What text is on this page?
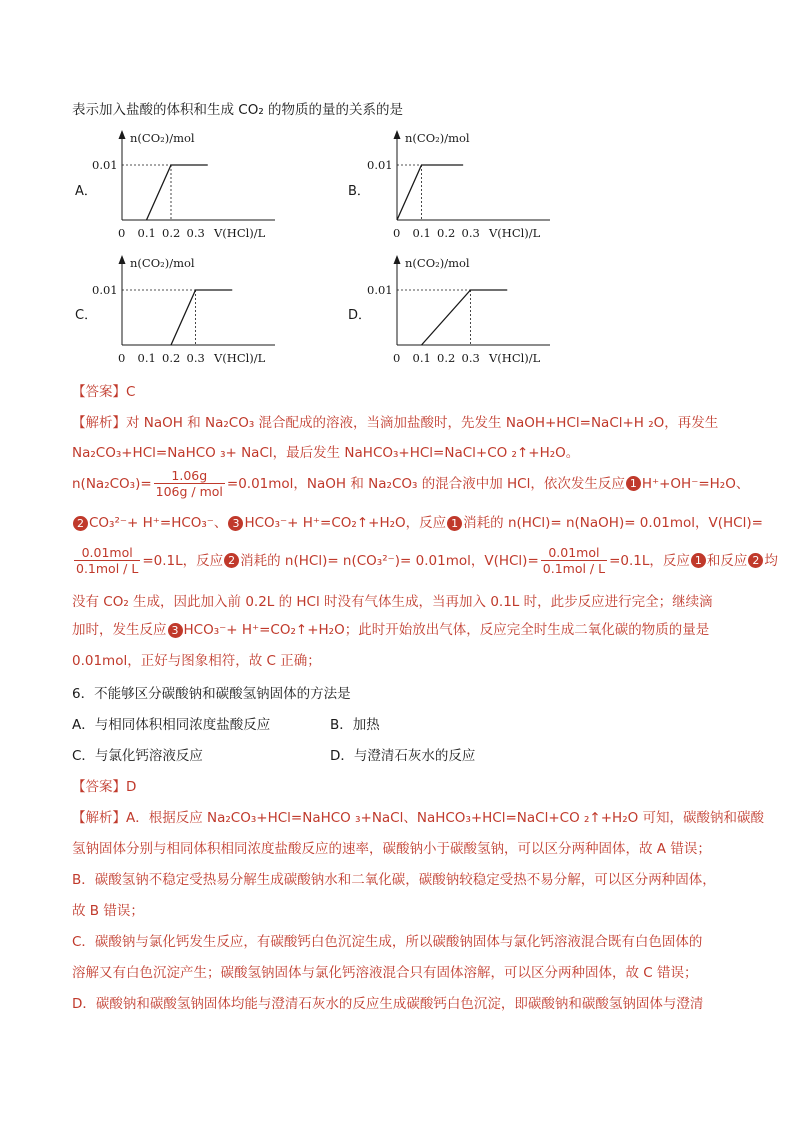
表示加入盐酸的体积和生成 CO₂ 的物质的量的关系的是
A．	B．
C．	D．
n(CO₂)/mol
0.01
0 0.1 0.2 0.3 V(HCl)/L
n(CO₂)/mol
0.01
0 0.1 0.2 0.3 V(HCl)/L
n(CO₂)/mol
0.01
0 0.1 0.2 0.3 V(HCl)/L
n(CO₂)/mol
0.01
0 0.1 0.2 0.3 V(HCl)/L
【答案】C
【解析】对 NaOH 和 Na₂CO₃ 混合配成的溶液，当滴加盐酸时，先发生 NaOH+HCl=NaCl+H ₂O，再发生
Na₂CO₃+HCl=NaHCO ₃+ NaCl，最后发生 NaHCO₃+HCl=NaCl+CO ₂↑+H₂O。
$n(Na_2CO_3)= \frac{1.06g}{\text{106g / mol}} =0.01mol$，NaOH 和 Na₂CO₃ 的混合液中加 HCl，依次发生反应 1 H⁺+OH⁻=H₂O、
2 CO₃²⁻+ H⁺=HCO₃⁻、 3 HCO₃⁻+ H⁺=CO₂↑+H₂O，反应 1 消耗的 n(HCl)= n(NaOH)= 0.01mol，V(HCl)=
$\frac{\text{0.01mol}}{\text{0.1mol / L}} =0.1L$，反应 2 消耗的 n(HCl)= n(CO₃²⁻)= 0.01mol，$V(HCl)= \frac{\text{0.01mol}}{\text{0.1mol / L}} =0.1L$，反应 1 和反应 2 均
没有 CO₂ 生成，因此加入前 0.2L 的 HCl 时没有气体生成，当再加入 0.1L 时，此步反应进行完全；继续滴
加时，发生反应 3 HCO₃⁻+ H⁺=CO₂↑+H₂O；此时开始放出气体，反应完全时生成二氧化碳的物质的量是
0.01mol，正好与图象相符，故 C 正确；
6．不能够区分碳酸钠和碳酸氢钠固体的方法是
A．与相同体积相同浓度盐酸反应	B．加热
C．与氯化钙溶液反应	D．与澄清石灰水的反应
【答案】D
【解析】A．根据反应 Na₂CO₃+HCl=NaHCO ₃+NaCl、NaHCO₃+HCl=NaCl+CO ₂↑+H₂O 可知，碳酸钠和碳酸
氢钠固体分别与相同体积相同浓度盐酸反应的速率，碳酸钠小于碳酸氢钠，可以区分两种固体，故 A 错误；
B．碳酸氢钠不稳定受热易分解生成碳酸钠水和二氧化碳，碳酸钠较稳定受热不易分解，可以区分两种固体，
故 B 错误；
C．碳酸钠与氯化钙发生反应，有碳酸钙白色沉淀生成，所以碳酸钠固体与氯化钙溶液混合既有白色固体的
溶解又有白色沉淀产生；碳酸氢钠固体与氯化钙溶液混合只有固体溶解，可以区分两种固体，故 C 错误；
D．碳酸钠和碳酸氢钠固体均能与澄清石灰水的反应生成碳酸钙白色沉淀，即碳酸钠和碳酸氢钠固体与澄清
